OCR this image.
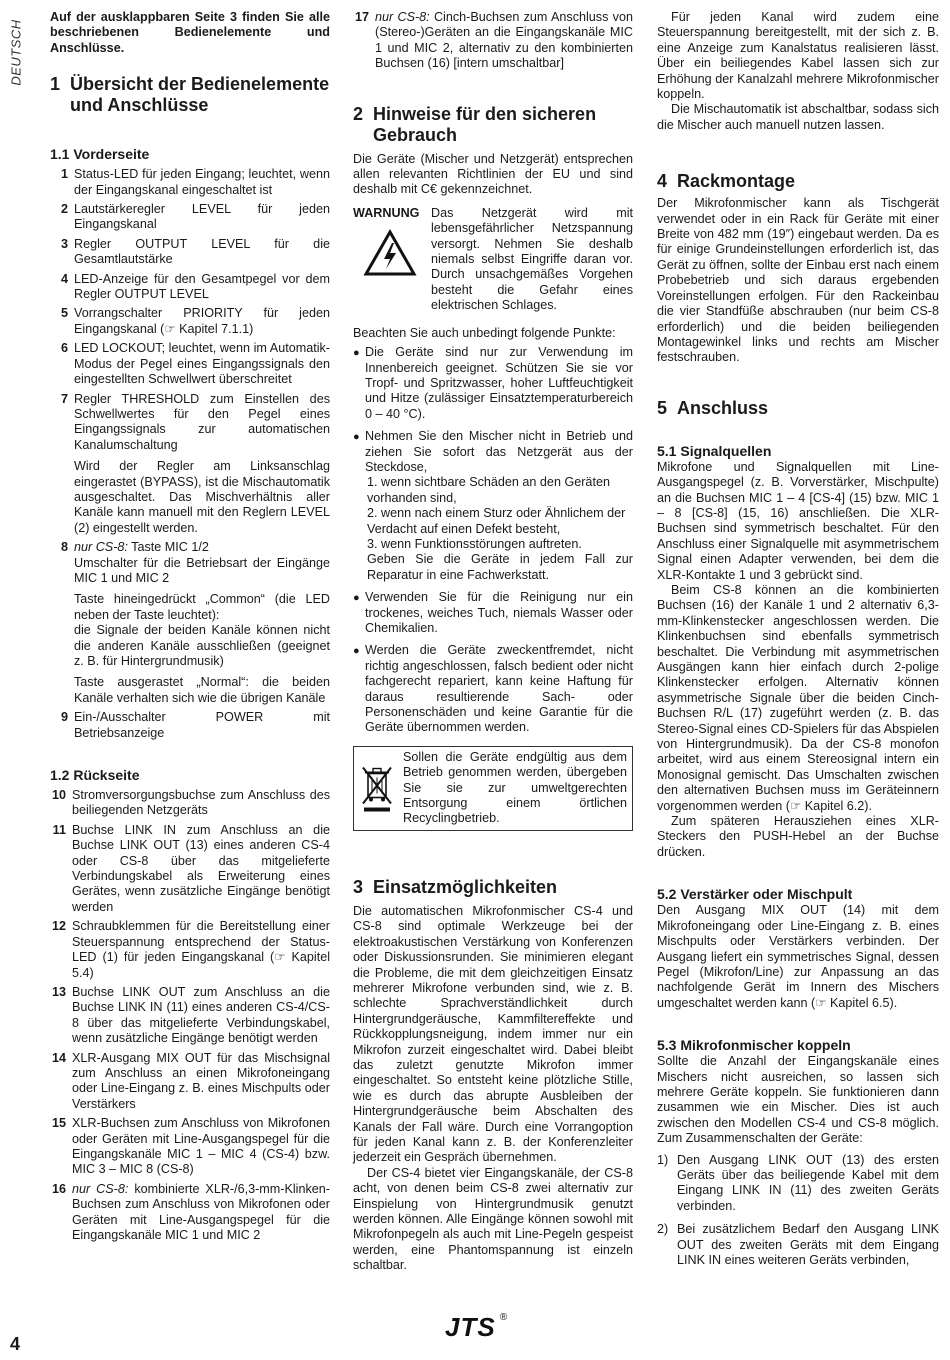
DEUTSCH

Auf der ausklappbaren Seite 3 finden Sie alle beschriebenen Bedienelemente und Anschlüsse.

1 Übersicht der Bedienelemente und Anschlüsse
1.1 Vorderseite
1 Status-LED für jeden Eingang; leuchtet, wenn der Eingangskanal eingeschaltet ist

2 Lautstärkeregler LEVEL für jeden Eingangskanal

3 Regler OUTPUT LEVEL für die Gesamtlautstärke

4 LED-Anzeige für den Gesamtpegel vor dem Regler OUTPUT LEVEL

5 Vorrangschalter PRIORITY für jeden Eingangskanal (☞ Kapitel 7.1.1)

6 LED LOCKOUT; leuchtet, wenn im Automatik-Modus der Pegel eines Eingangssignals den eingestellten Schwellwert überschreitet

7 Regler THRESHOLD zum Einstellen des Schwellwertes für den Pegel eines Eingangssignals zur automatischen Kanalumschaltung

Wird der Regler am Linksanschlag eingerastet (BYPASS), ist die Mischautomatik ausgeschaltet. Das Mischverhältnis aller Kanäle kann manuell mit den Reglern LEVEL (2) eingestellt werden.

8 nur CS-8: Taste MIC 1/2
Umschalter für die Betriebsart der Eingänge MIC 1 und MIC 2

Taste hineingedrückt „Common“ (die LED neben der Taste leuchtet):
die Signale der beiden Kanäle können nicht die anderen Kanäle ausschließen (geeignet z. B. für Hintergrundmusik)

Taste ausgerastet „Normal“: die beiden Kanäle verhalten sich wie die übrigen Kanäle

9 Ein-/Ausschalter POWER mit Betriebsanzeige

1.2 Rückseite
10 Stromversorgungsbuchse zum Anschluss des beiliegenden Netzgeräts

11 Buchse LINK IN zum Anschluss an die Buchse LINK OUT (13) eines anderen CS-4 oder CS-8 über das mitgelieferte Verbindungskabel als Erweiterung eines Gerätes, wenn zusätzliche Eingänge benötigt werden

12 Schraubklemmen für die Bereitstellung einer Steuerspannung entsprechend der Status-LED (1) für jeden Eingangskanal (☞ Kapitel 5.4)

13 Buchse LINK OUT zum Anschluss an die Buchse LINK IN (11) eines anderen CS-4/CS-8 über das mitgelieferte Verbindungskabel, wenn zusätzliche Eingänge benötigt werden

14 XLR-Ausgang MIX OUT für das Mischsignal zum Anschluss an einen Mikrofoneingang oder Line-Eingang z. B. eines Mischpults oder Verstärkers

15 XLR-Buchsen zum Anschluss von Mikrofonen oder Geräten mit Line-Ausgangspegel für die Eingangskanäle MIC 1 – MIC 4 (CS-4) bzw. MIC 3 – MIC 8 (CS-8)

16 nur CS-8: kombinierte XLR-/6,3-mm-Klinken-Buchsen zum Anschluss von Mikrofonen oder Geräten mit Line-Ausgangspegel für die Eingangskanäle MIC 1 und MIC 2

17 nur CS-8: Cinch-Buchsen zum Anschluss von (Stereo-)Geräten an die Eingangskanäle MIC 1 und MIC 2, alternativ zu den kombinierten Buchsen (16) [intern umschaltbar]

2 Hinweise für den sicheren Gebrauch

Die Geräte (Mischer und Netzgerät) entsprechen allen relevanten Richtlinien der EU und sind deshalb mit C€ gekennzeichnet.

WARNUNG Das Netzgerät wird mit lebensgefährlicher Netzspannung versorgt. Nehmen Sie deshalb niemals selbst Eingriffe daran vor. Durch unsachgemäßes Vorgehen besteht die Gefahr eines elektrischen Schlages.

Beachten Sie auch unbedingt folgende Punkte:

● Die Geräte sind nur zur Verwendung im Innenbereich geeignet. Schützen Sie sie vor Tropf- und Spritzwasser, hoher Luftfeuchtigkeit und Hitze (zulässiger Einsatztemperaturbereich 0 – 40 °C).

● Nehmen Sie den Mischer nicht in Betrieb und ziehen Sie sofort das Netzgerät aus der Steckdose,

1. wenn sichtbare Schäden an den Geräten vorhanden sind,
2. wenn nach einem Sturz oder Ähnlichem der Verdacht auf einen Defekt besteht,
3. wenn Funktionsstörungen auftreten.

Geben Sie die Geräte in jedem Fall zur Reparatur in eine Fachwerkstatt.

● Verwenden Sie für die Reinigung nur ein trockenes, weiches Tuch, niemals Wasser oder Chemikalien.

● Werden die Geräte zweckentfremdet, nicht richtig angeschlossen, falsch bedient oder nicht fachgerecht repariert, kann keine Haftung für daraus resultierende Sach- oder Personenschäden und keine Garantie für die Geräte übernommen werden.

Sollen die Geräte endgültig aus dem Betrieb genommen werden, übergeben Sie sie zur umweltgerechten Entsorgung einem örtlichen Recyclingbetrieb.

3 Einsatzmöglichkeiten

Die automatischen Mikrofonmischer CS-4 und CS-8 sind optimale Werkzeuge bei der elektroakustischen Verstärkung von Konferenzen oder Diskussionsrunden. Sie minimieren elegant die Probleme, die mit dem gleichzeitigen Einsatz mehrerer Mikrofone verbunden sind, wie z. B. schlechte Sprachverständlichkeit durch Hintergrundgeräusche, Kammfiltereffekte und Rückkopplungsneigung, indem immer nur ein Mikrofon zurzeit eingeschaltet wird. Dabei bleibt das zuletzt genutzte Mikrofon immer eingeschaltet. So entsteht keine plötzliche Stille, wie es durch das abrupte Ausbleiben der Hintergrundgeräusche beim Abschalten des Kanals der Fall wäre. Durch eine Vorrangoption für jeden Kanal kann z. B. der Konferenzleiter jederzeit ein Gespräch übernehmen.

Der CS-4 bietet vier Eingangskanäle, der CS-8 acht, von denen beim CS-8 zwei alternativ zur Einspielung von Hintergrundmusik genutzt werden können. Alle Eingänge können sowohl mit Mikrofonpegeln als auch mit Line-Pegeln gespeist werden, eine Phantomspannung ist einzeln schaltbar.

Für jeden Kanal wird zudem eine Steuerspannung bereitgestellt, mit der sich z. B. eine Anzeige zum Kanalstatus realisieren lässt. Über ein beiliegendes Kabel lassen sich zur Erhöhung der Kanalzahl mehrere Mikrofonmischer koppeln.

Die Mischautomatik ist abschaltbar, sodass sich die Mischer auch manuell nutzen lassen.

4 Rackmontage

Der Mikrofonmischer kann als Tischgerät verwendet oder in ein Rack für Geräte mit einer Breite von 482 mm (19″) eingebaut werden. Da es für einige Grundeinstellungen erforderlich ist, das Gerät zu öffnen, sollte der Einbau erst nach einem Probebetrieb und sich daraus ergebenden Voreinstellungen erfolgen. Für den Rackeinbau die vier Standfüße abschrauben (nur beim CS-8 erforderlich) und die beiden beiliegenden Montagewinkel links und rechts am Mischer festschrauben.

5 Anschluss
5.1 Signalquellen

Mikrofone und Signalquellen mit Line-Ausgangspegel (z. B. Vorverstärker, Mischpulte) an die Buchsen MIC 1 – 4 [CS-4] (15) bzw. MIC 1 – 8 [CS-8] (15, 16) anschließen. Die XLR-Buchsen sind symmetrisch beschaltet. Für den Anschluss einer Signalquelle mit asymmetrischem Signal einen Adapter verwenden, bei dem die XLR-Kontakte 1 und 3 gebrückt sind.

Beim CS-8 können an die kombinierten Buchsen (16) der Kanäle 1 und 2 alternativ 6,3-mm-Klinkenstecker angeschlossen werden. Die Klinkenbuchsen sind ebenfalls symmetrisch beschaltet. Die Verbindung mit asymmetrischen Ausgängen kann hier einfach durch 2-polige Klinkenstecker erfolgen. Alternativ können asymmetrische Signale über die beiden Cinch-Buchsen R/L (17) zugeführt werden (z. B. das Stereo-Signal eines CD-Spielers für das Abspielen von Hintergrundmusik). Da der CS-8 monofon arbeitet, wird aus einem Stereosignal intern ein Monosignal gemischt. Das Umschalten zwischen den alternativen Buchsen muss im Geräteinnern vorgenommen werden (☞ Kapitel 6.2).

Zum späteren Herausziehen eines XLR-Steckers den PUSH-Hebel an der Buchse drücken.

5.2 Verstärker oder Mischpult

Den Ausgang MIX OUT (14) mit dem Mikrofoneingang oder Line-Eingang z. B. eines Mischpults oder Verstärkers verbinden. Der Ausgang liefert ein symmetrisches Signal, dessen Pegel (Mikrofon/Line) zur Anpassung an das nachfolgende Gerät im Innern des Mischers umgeschaltet werden kann (☞ Kapitel 6.5).

5.3 Mikrofonmischer koppeln

Sollte die Anzahl der Eingangskanäle eines Mischers nicht ausreichen, so lassen sich mehrere Geräte koppeln. Sie funktionieren dann zusammen wie ein Mischer. Dies ist auch zwischen den Modellen CS-4 und CS-8 möglich. Zum Zusammenschalten der Geräte:

1) Den Ausgang LINK OUT (13) des ersten Geräts über das beiliegende Kabel mit dem Eingang LINK IN (11) des zweiten Geräts verbinden.
2) Bei zusätzlichem Bedarf den Ausgang LINK OUT des zweiten Geräts mit dem Eingang LINK IN eines weiteren Geräts verbinden,
4
JTS ®
